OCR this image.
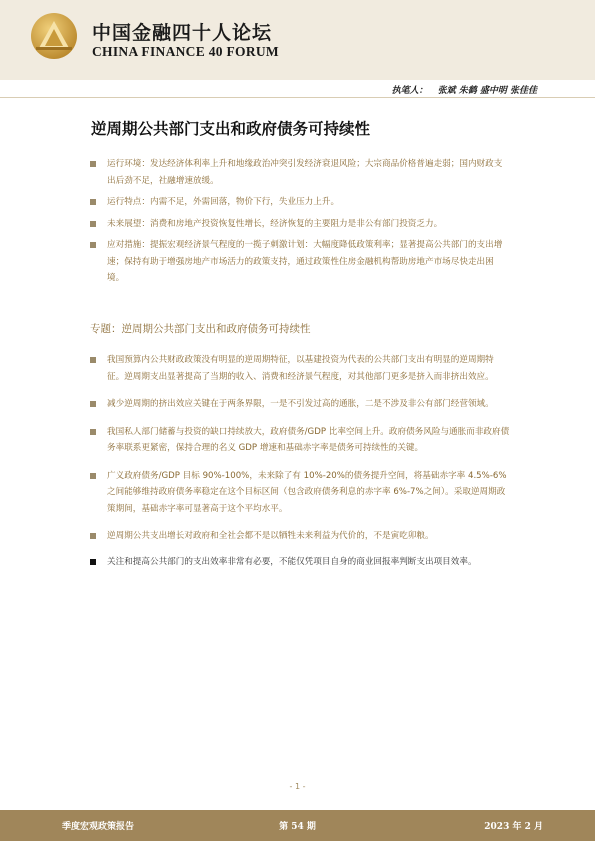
中国金融四十人论坛
CHINA FINANCE 40 FORUM
执笔人： 张斌 朱鹤 盛中明 张佳佳
逆周期公共部门支出和政府债务可持续性
运行环境：发达经济体利率上升和地缘政治冲突引发经济衰退风险；大宗商品价格普遍走弱；国内财政支出后劲不足，社融增速放缓。
运行特点：内需不足，外需回落，物价下行，失业压力上升。
未来展望：消费和房地产投资恢复性增长，经济恢复的主要阻力是非公有部门投资乏力。
应对措施：提振宏观经济景气程度的一揽子刺激计划：大幅度降低政策利率；显著提高公共部门的支出增速；保持有助于增强房地产市场活力的政策支持，通过政策性住房金融机构帮助房地产市场尽快走出困境。
专题：逆周期公共部门支出和政府债务可持续性
我国预算内公共财政政策没有明显的逆周期特征，以基建投资为代表的公共部门支出有明显的逆周期特征。逆周期支出显著提高了当期的收入、消费和经济景气程度，对其他部门更多是挤入而非挤出效应。
减少逆周期的挤出效应关键在于两条界限，一是不引发过高的通胀，二是不涉及非公有部门经营领域。
我国私人部门储蓄与投资的缺口持续放大，政府债务/GDP 比率空间上升。政府债务风险与通胀而非政府债务率联系更紧密，保持合理的名义 GDP 增速和基础赤字率是债务可持续性的关键。
广义政府债务/GDP 目标 90%-100%，未来除了有 10%-20%的债务提升空间，将基础赤字率 4.5%-6%之间能够维持政府债务率稳定在这个目标区间（包含政府债务利息的赤字率 6%-7%之间）。采取逆周期政策期间，基础赤字率可显著高于这个平均水平。
逆周期公共支出增长对政府和全社会都不是以牺牲未来利益为代价的，不是寅吃卯粮。
关注和提高公共部门的支出效率非常有必要，不能仅凭项目自身的商业回报率判断支出项目效率。
- 1 -
季度宏观政策报告	第 54 期	2023 年 2 月
